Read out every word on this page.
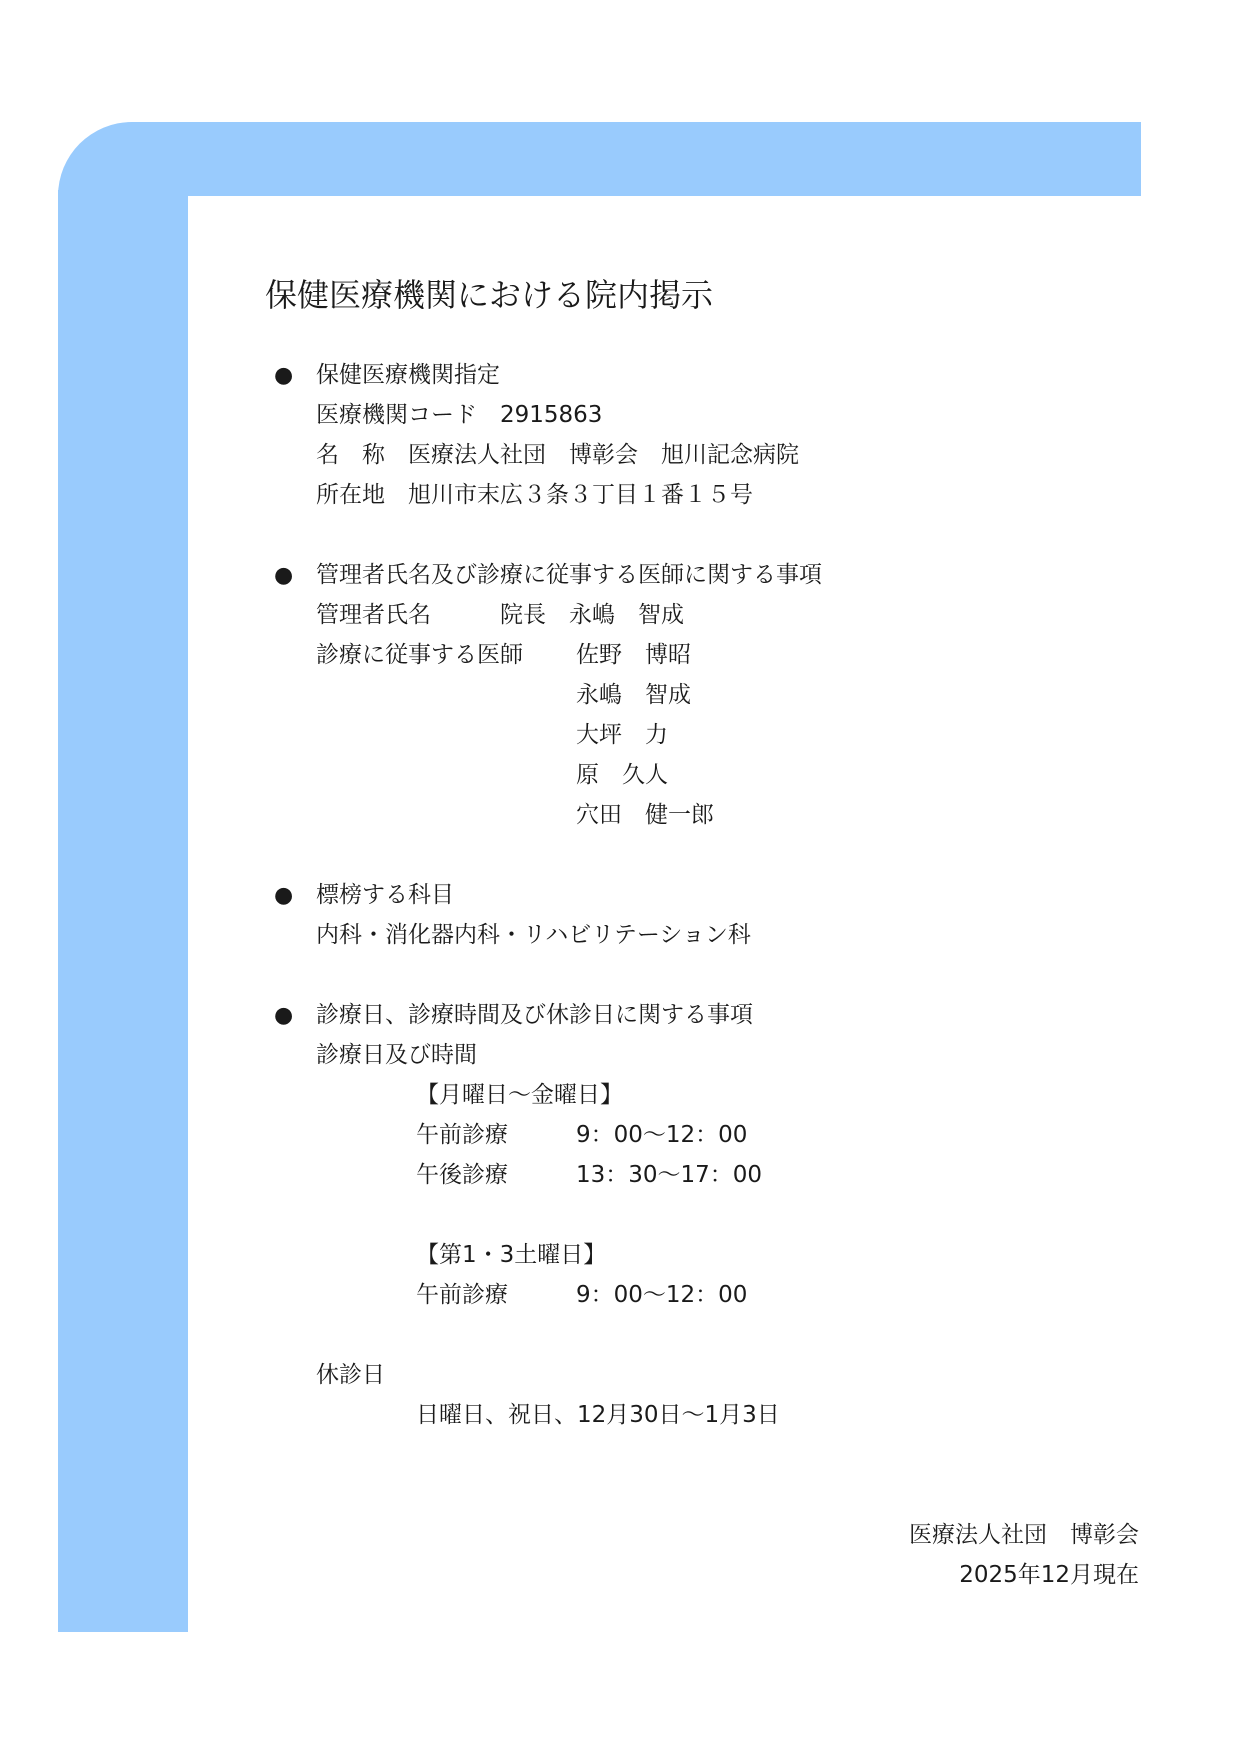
保健医療機関における院内掲示
● 保健医療機関指定
医療機関コード 2915863
名　称 医療法人社団　博彰会　旭川記念病院
所在地 旭川市末広３条３丁目１番１５号
● 管理者氏名及び診療に従事する医師に関する事項
管理者氏名	院長　永嶋　智成
診療に従事する医師 佐野　博昭
永嶋　智成
大坪　力
原　久人
穴田　健一郎
● 標榜する科目
内科・消化器内科・リハビリテーション科
● 診療日、診療時間及び休診日に関する事項
診療日及び時間
【月曜日～金曜日】
午前診療	9：00～12：00
午後診療	13：30～17：00
【第1・3土曜日】
午前診療	9：00～12：00
休診日
日曜日、祝日、12月30日～1月3日
医療法人社団　博彰会
2025年12月現在
